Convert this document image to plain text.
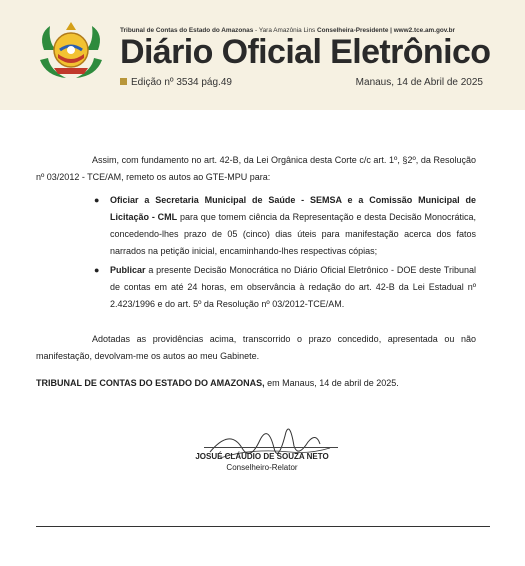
Tribunal de Contas do Estado do Amazonas - Yara Amazônia Lins Conselheira-Presidente | www2.tce.am.gov.br
Diário Oficial Eletrônico
Edição nº 3534 pág.49	Manaus, 14 de Abril de 2025

Assim, com fundamento no art. 42-B, da Lei Orgânica desta Corte c/c art. 1º, §2º, da Resolução nº 03/2012 - TCE/AM, remeto os autos ao GTE-MPU para:

● Oficiar a Secretaria Municipal de Saúde - SEMSA e a Comissão Municipal de Licitação - CML para que tomem ciência da Representação e desta Decisão Monocrática, concedendo-lhes prazo de 05 (cinco) dias úteis para manifestação acerca dos fatos narrados na petição inicial, encaminhando-lhes respectivas cópias;
● Publicar a presente Decisão Monocrática no Diário Oficial Eletrônico - DOE deste Tribunal de contas em até 24 horas, em observância à redação do art. 42-B da Lei Estadual nº 2.423/1996 e do art. 5º da Resolução nº 03/2012-TCE/AM.

Adotadas as providências acima, transcorrido o prazo concedido, apresentada ou não manifestação, devolvam-me os autos ao meu Gabinete.

TRIBUNAL DE CONTAS DO ESTADO DO AMAZONAS, em Manaus, 14 de abril de 2025.
JOSUÉ CLÁUDIO DE SOUZA NETO
Conselheiro-Relator
